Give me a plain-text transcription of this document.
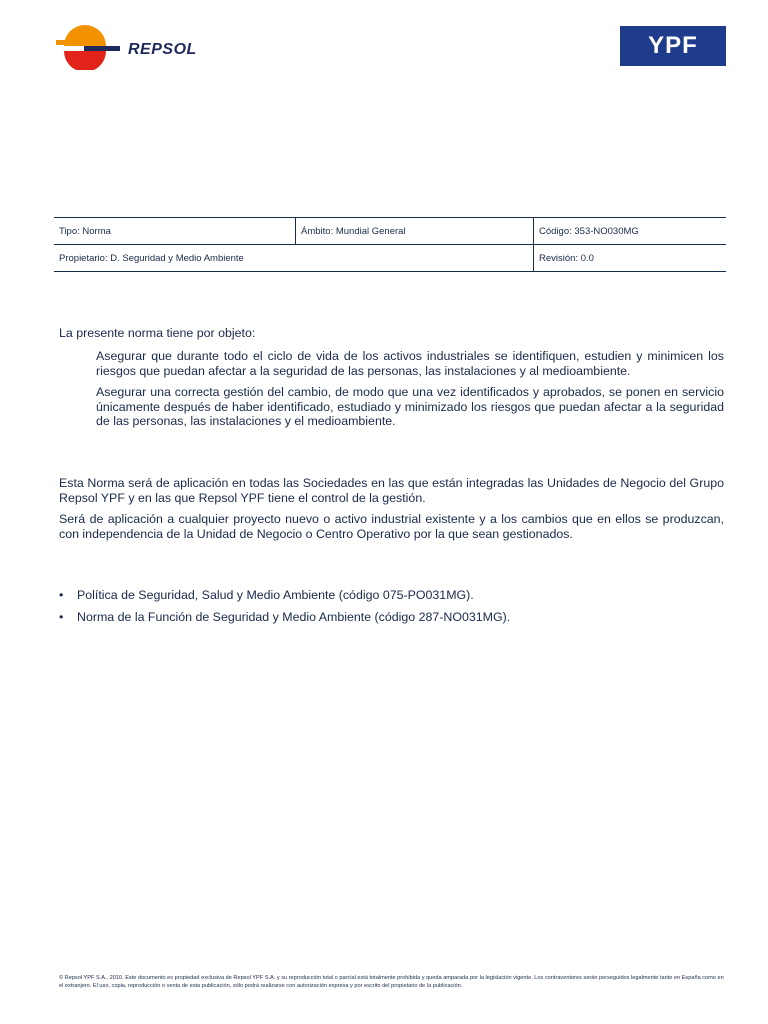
REPSOL	YPF
Tipo: Norma	Ámbito: Mundial General	Código: 353-NO030MG
Propietario: D. Seguridad y Medio Ambiente		Revisión: 0.0
La presente norma tiene por objeto:
Asegurar que durante todo el ciclo de vida de los activos industriales se identifiquen, estudien y minimicen los riesgos que puedan afectar a la seguridad de las personas, las instalaciones y al medioambiente.
Asegurar una correcta gestión del cambio, de modo que una vez identificados y aprobados, se ponen en servicio únicamente después de haber identificado, estudiado y minimizado los riesgos que puedan afectar a la seguridad de las personas, las instalaciones y el medioambiente.
Esta Norma será de aplicación en todas las Sociedades en las que están integradas las Unidades de Negocio del Grupo Repsol YPF y en las que Repsol YPF tiene el control de la gestión.
Será de aplicación a cualquier proyecto nuevo o activo industrial existente y a los cambios que en ellos se produzcan, con independencia de la Unidad de Negocio o Centro Operativo por la que sean gestionados.
• Política de Seguridad, Salud y Medio Ambiente (código 075-PO031MG).
• Norma de la Función de Seguridad y Medio Ambiente (código 287-NO031MG).
© Repsol YPF S.A., 2010. Este documento es propiedad exclusiva de Repsol YPF S.A. y su reproducción total o parcial está totalmente prohibida y queda amparada por la legislación vigente. Los contraventores serán perseguidos legalmente tanto en España como en el extranjero. El uso, copia, reproducción o venta de esta publicación, sólo podrá realizarse con autorización expresa y por escrito del propietario de la publicación.
